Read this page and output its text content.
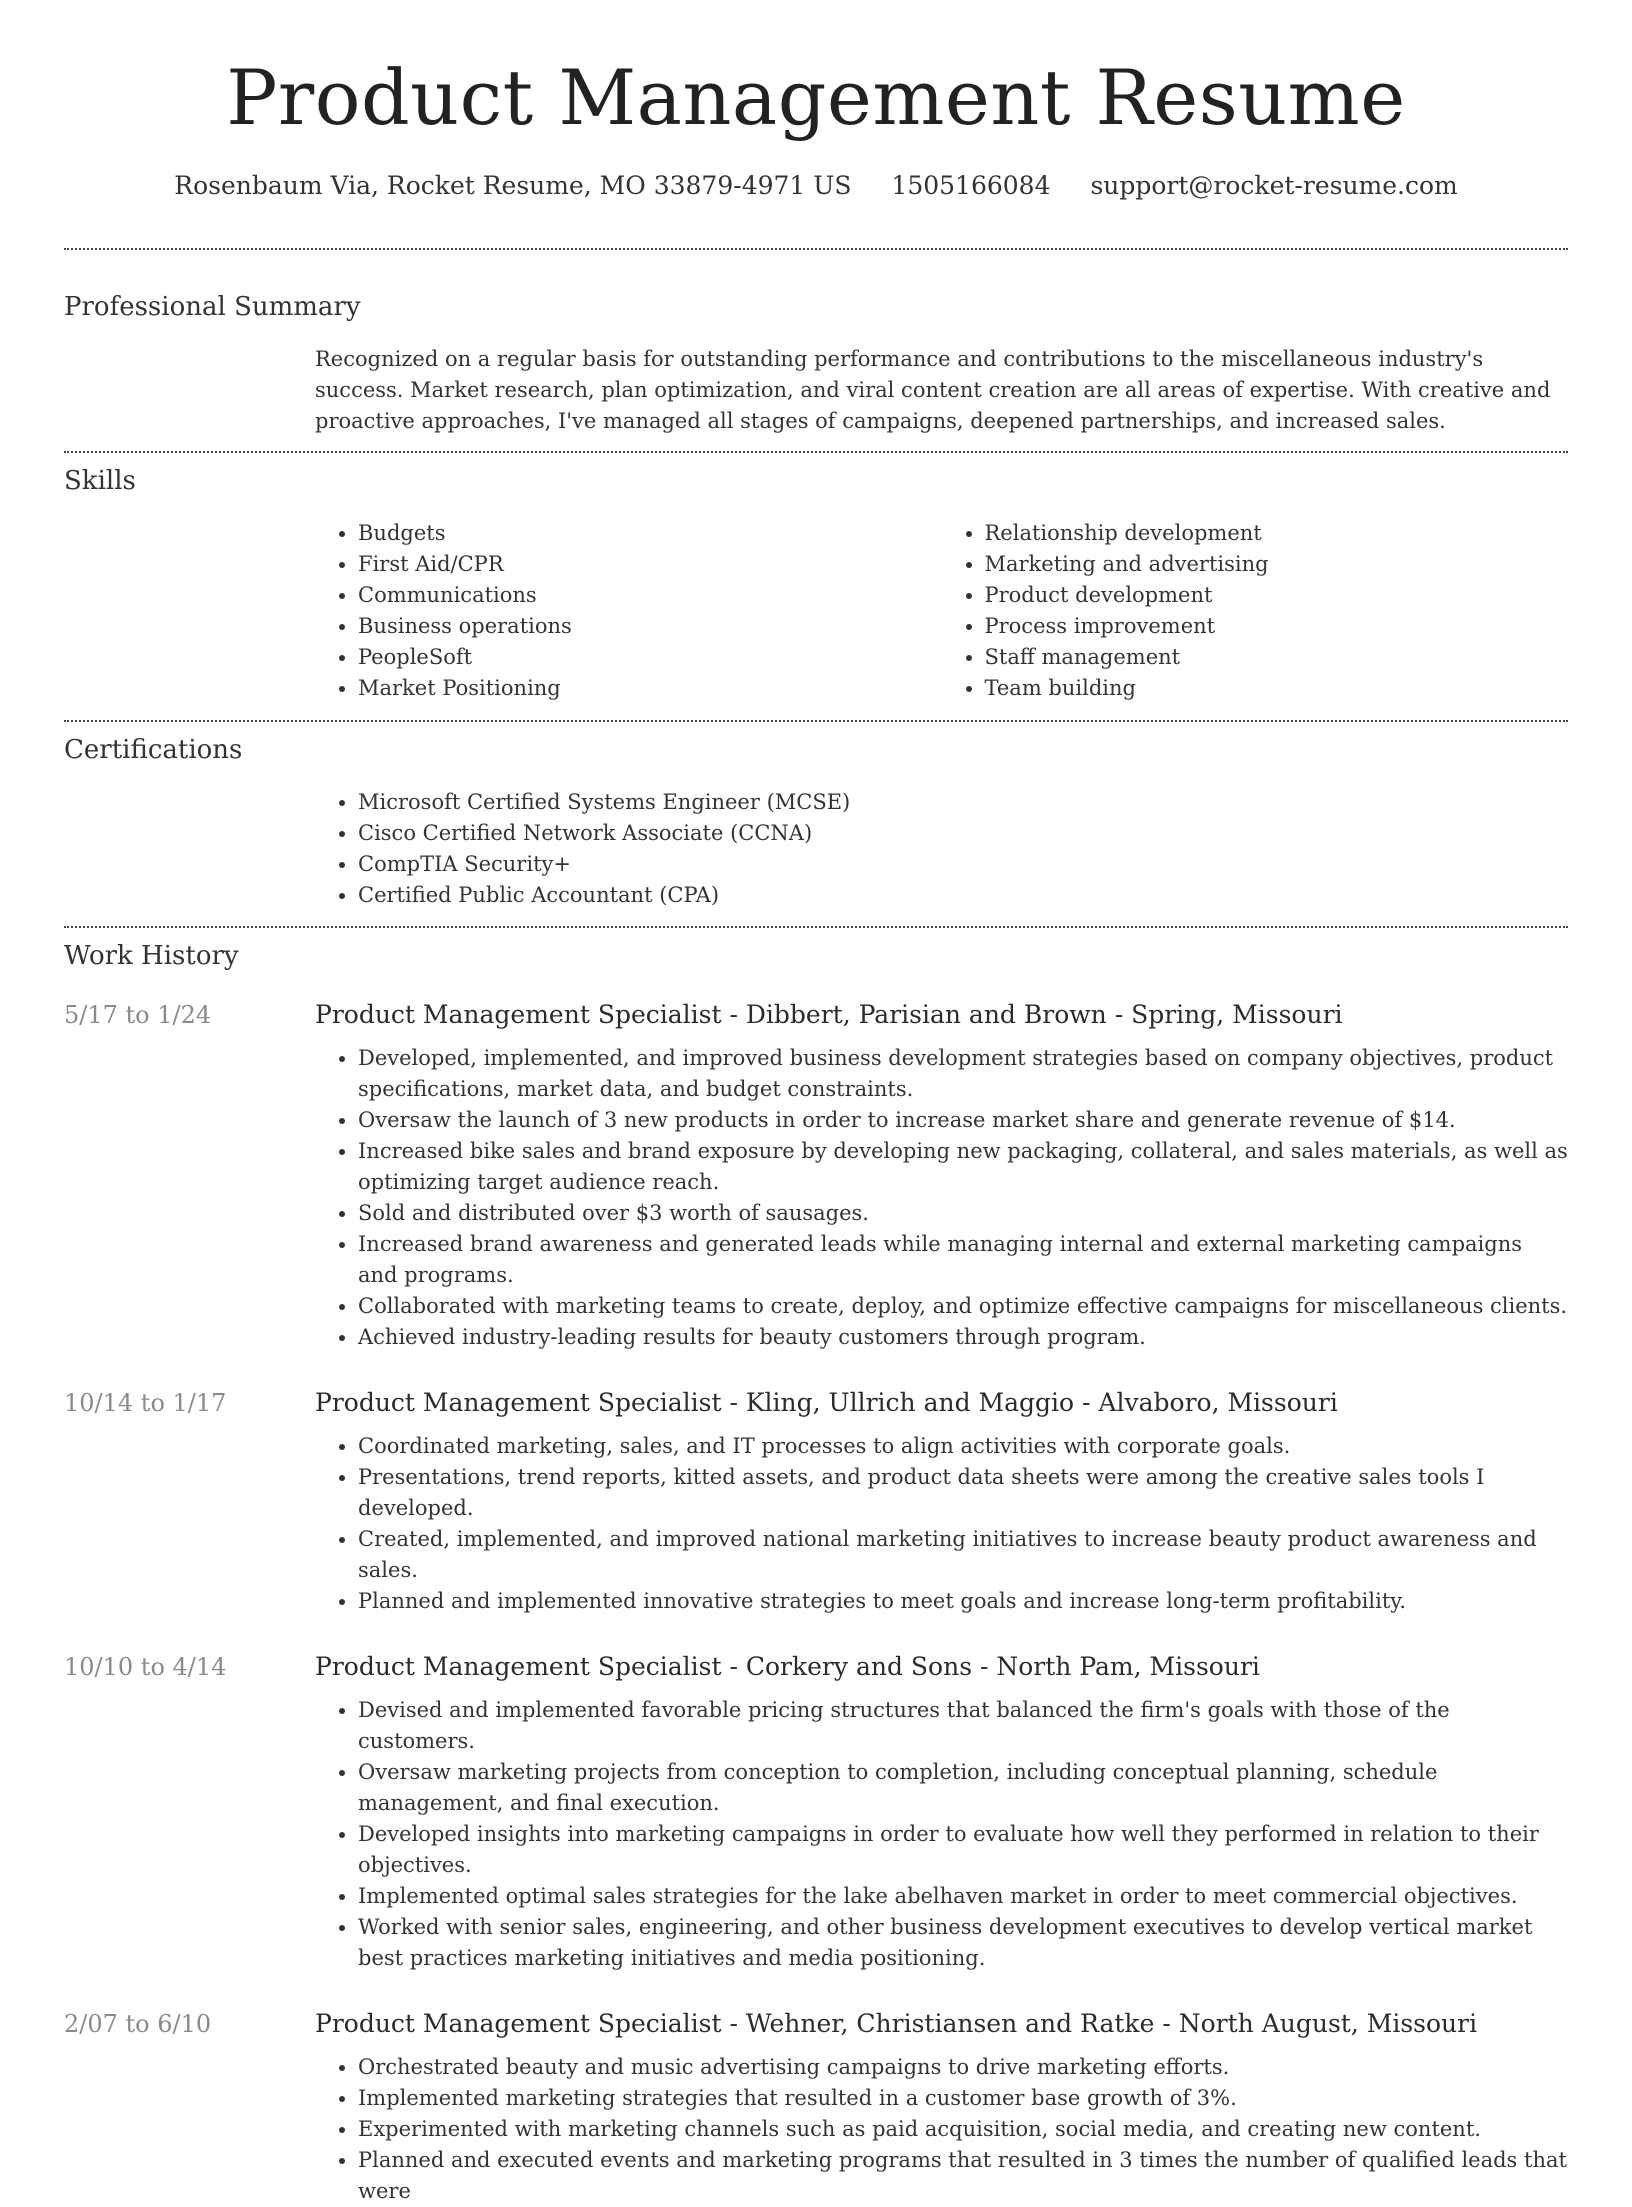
Product Management Resume
Rosenbaum Via, Rocket Resume, MO 33879-4971 US 1505166084 support@rocket-resume.com
Professional Summary

Recognized on a regular basis for outstanding performance and contributions to the miscellaneous industry's success. Market research, plan optimization, and viral content creation are all areas of expertise. With creative and proactive approaches, I've managed all stages of campaigns, deepened partnerships, and increased sales.

Skills
• Budgets
• First Aid/CPR
• Communications
• Business operations
• PeopleSoft
• Market Positioning
• Relationship development
• Marketing and advertising
• Product development
• Process improvement
• Staff management
• Team building
Certifications
• Microsoft Certified Systems Engineer (MCSE)
• Cisco Certified Network Associate (CCNA)
• CompTIA Security+
• Certified Public Accountant (CPA)
Work History
5/17 to 1/24	Product Management Specialist - Dibbert, Parisian and Brown - Spring, Missouri
• Developed, implemented, and improved business development strategies based on company objectives, product specifications, market data, and budget constraints.
• Oversaw the launch of 3 new products in order to increase market share and generate revenue of $14.
• Increased bike sales and brand exposure by developing new packaging, collateral, and sales materials, as well as optimizing target audience reach.
• Sold and distributed over $3 worth of sausages.
• Increased brand awareness and generated leads while managing internal and external marketing campaigns and programs.
• Collaborated with marketing teams to create, deploy, and optimize effective campaigns for miscellaneous clients.
• Achieved industry-leading results for beauty customers through program.
10/14 to 1/17	Product Management Specialist - Kling, Ullrich and Maggio - Alvaboro, Missouri
• Coordinated marketing, sales, and IT processes to align activities with corporate goals.
• Presentations, trend reports, kitted assets, and product data sheets were among the creative sales tools I developed.
• Created, implemented, and improved national marketing initiatives to increase beauty product awareness and sales.
• Planned and implemented innovative strategies to meet goals and increase long-term profitability.
10/10 to 4/14	Product Management Specialist - Corkery and Sons - North Pam, Missouri
• Devised and implemented favorable pricing structures that balanced the firm's goals with those of the customers.
• Oversaw marketing projects from conception to completion, including conceptual planning, schedule management, and final execution.
• Developed insights into marketing campaigns in order to evaluate how well they performed in relation to their objectives.
• Implemented optimal sales strategies for the lake abelhaven market in order to meet commercial objectives.
• Worked with senior sales, engineering, and other business development executives to develop vertical market best practices marketing initiatives and media positioning.
2/07 to 6/10	Product Management Specialist - Wehner, Christiansen and Ratke - North August, Missouri
• Orchestrated beauty and music advertising campaigns to drive marketing efforts.
• Implemented marketing strategies that resulted in a customer base growth of 3%.
• Experimented with marketing channels such as paid acquisition, social media, and creating new content.
• Planned and executed events and marketing programs that resulted in 3 times the number of qualified leads that were
